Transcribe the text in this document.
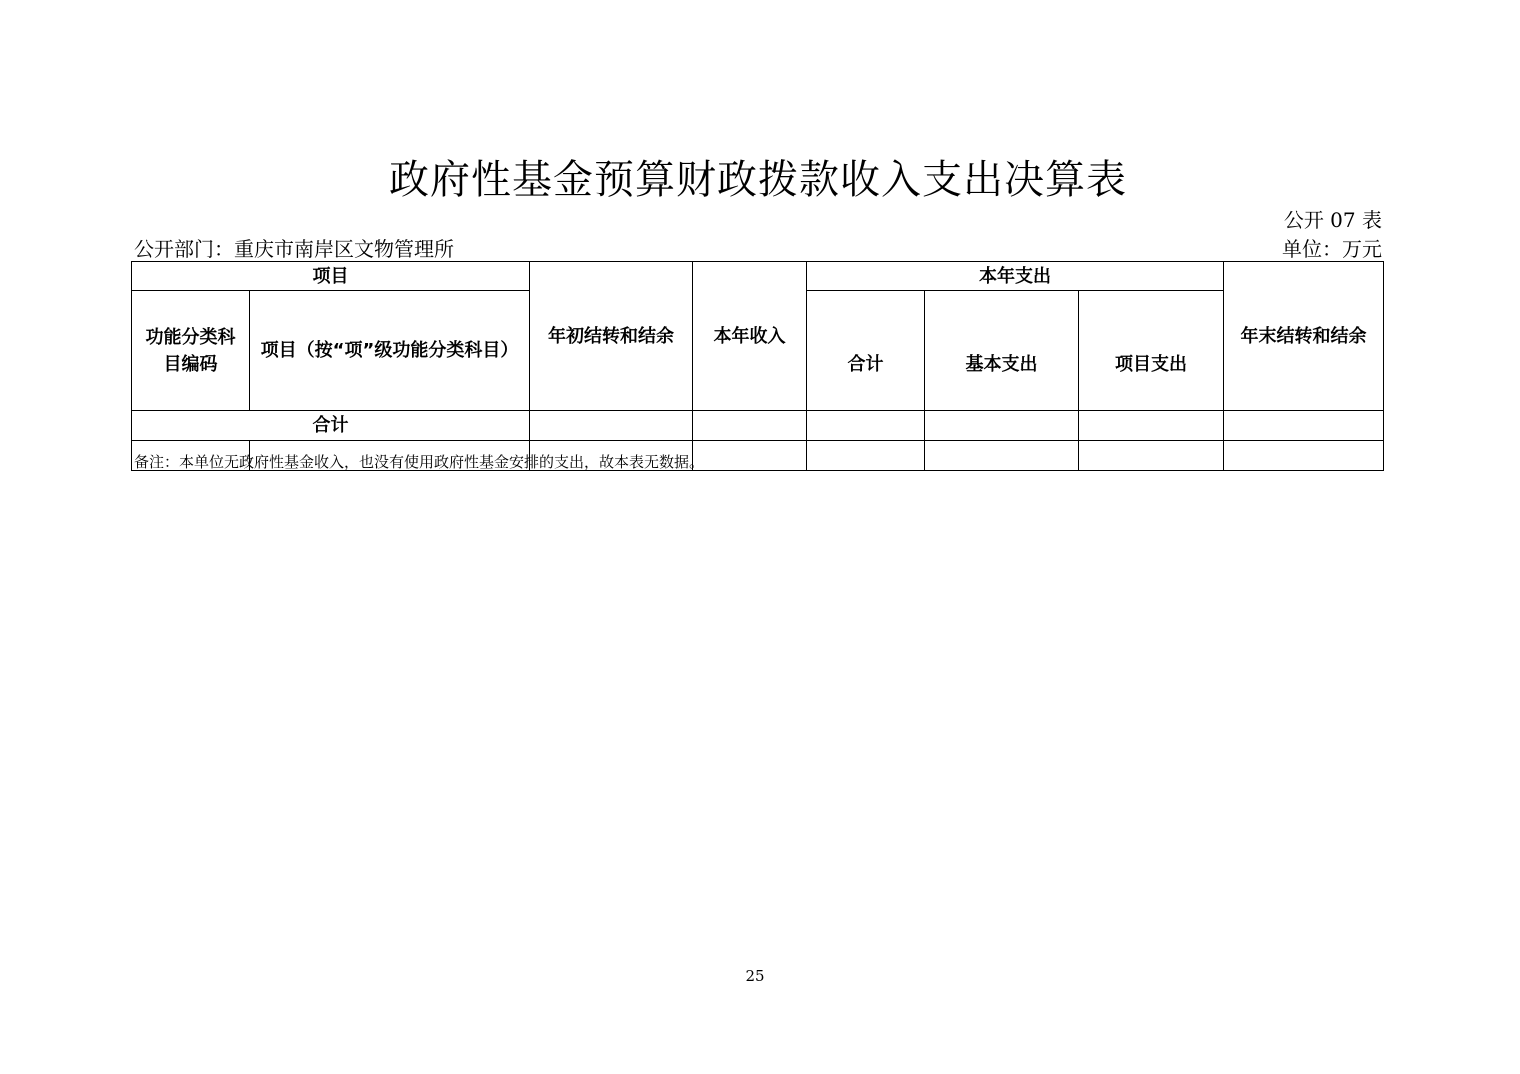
政府性基金预算财政拨款收入支出决算表
公开 07 表
公开部门：重庆市南岸区文物管理所	单位：万元
项目		年初结转和结余	本年收入	本年支出			年末结转和结余
功能分类科目编码	项目（按“项”级功能分类科目）			合计	基本支出	项目支出	
合计							

备注：本单位无政府性基金收入，也没有使用政府性基金安排的支出，故本表无数据。
25
